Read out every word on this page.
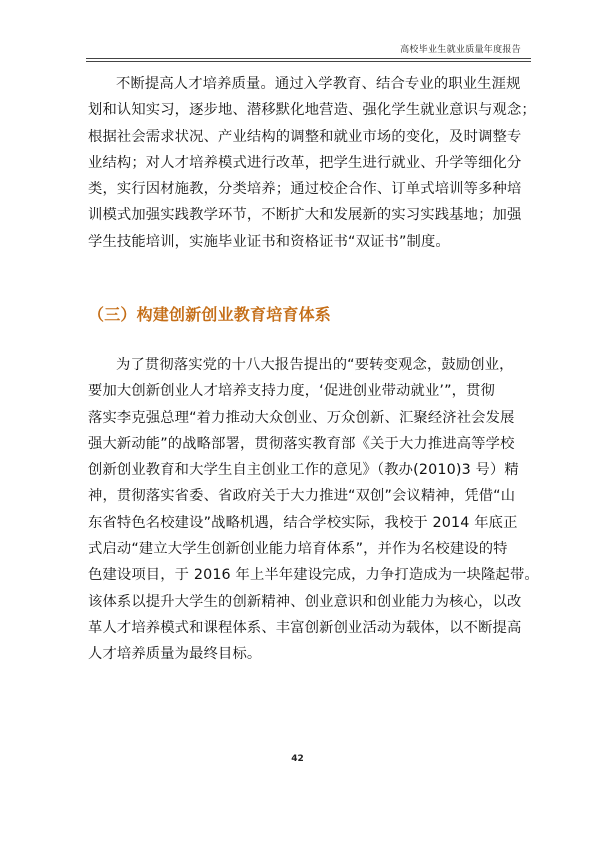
高校毕业生就业质量年度报告
不断提高人才培养质量。通过入学教育、结合专业的职业生涯规
划和认知实习，逐步地、潜移默化地营造、强化学生就业意识与观念；
根据社会需求状况、产业结构的调整和就业市场的变化，及时调整专
业结构；对人才培养模式进行改革，把学生进行就业、升学等细化分
类，实行因材施教，分类培养；通过校企合作、订单式培训等多种培
训模式加强实践教学环节，不断扩大和发展新的实习实践基地；加强
学生技能培训，实施毕业证书和资格证书“双证书”制度。
（三）构建创新创业教育培育体系
为了贯彻落实党的十八大报告提出的“要转变观念，鼓励创业，
要加大创新创业人才培养支持力度，‘促进创业带动就业’”，贯彻
落实李克强总理“着力推动大众创业、万众创新、汇聚经济社会发展
强大新动能”的战略部署，贯彻落实教育部《关于大力推进高等学校
创新创业教育和大学生自主创业工作的意见》（教办(2010)3 号）精
神，贯彻落实省委、省政府关于大力推进“双创”会议精神，凭借“山
东省特色名校建设”战略机遇，结合学校实际，我校于 2014 年底正
式启动“建立大学生创新创业能力培育体系”，并作为名校建设的特
色建设项目，于 2016 年上半年建设完成，力争打造成为一块隆起带。
该体系以提升大学生的创新精神、创业意识和创业能力为核心，以改
革人才培养模式和课程体系、丰富创新创业活动为载体，以不断提高
人才培养质量为最终目标。
42
